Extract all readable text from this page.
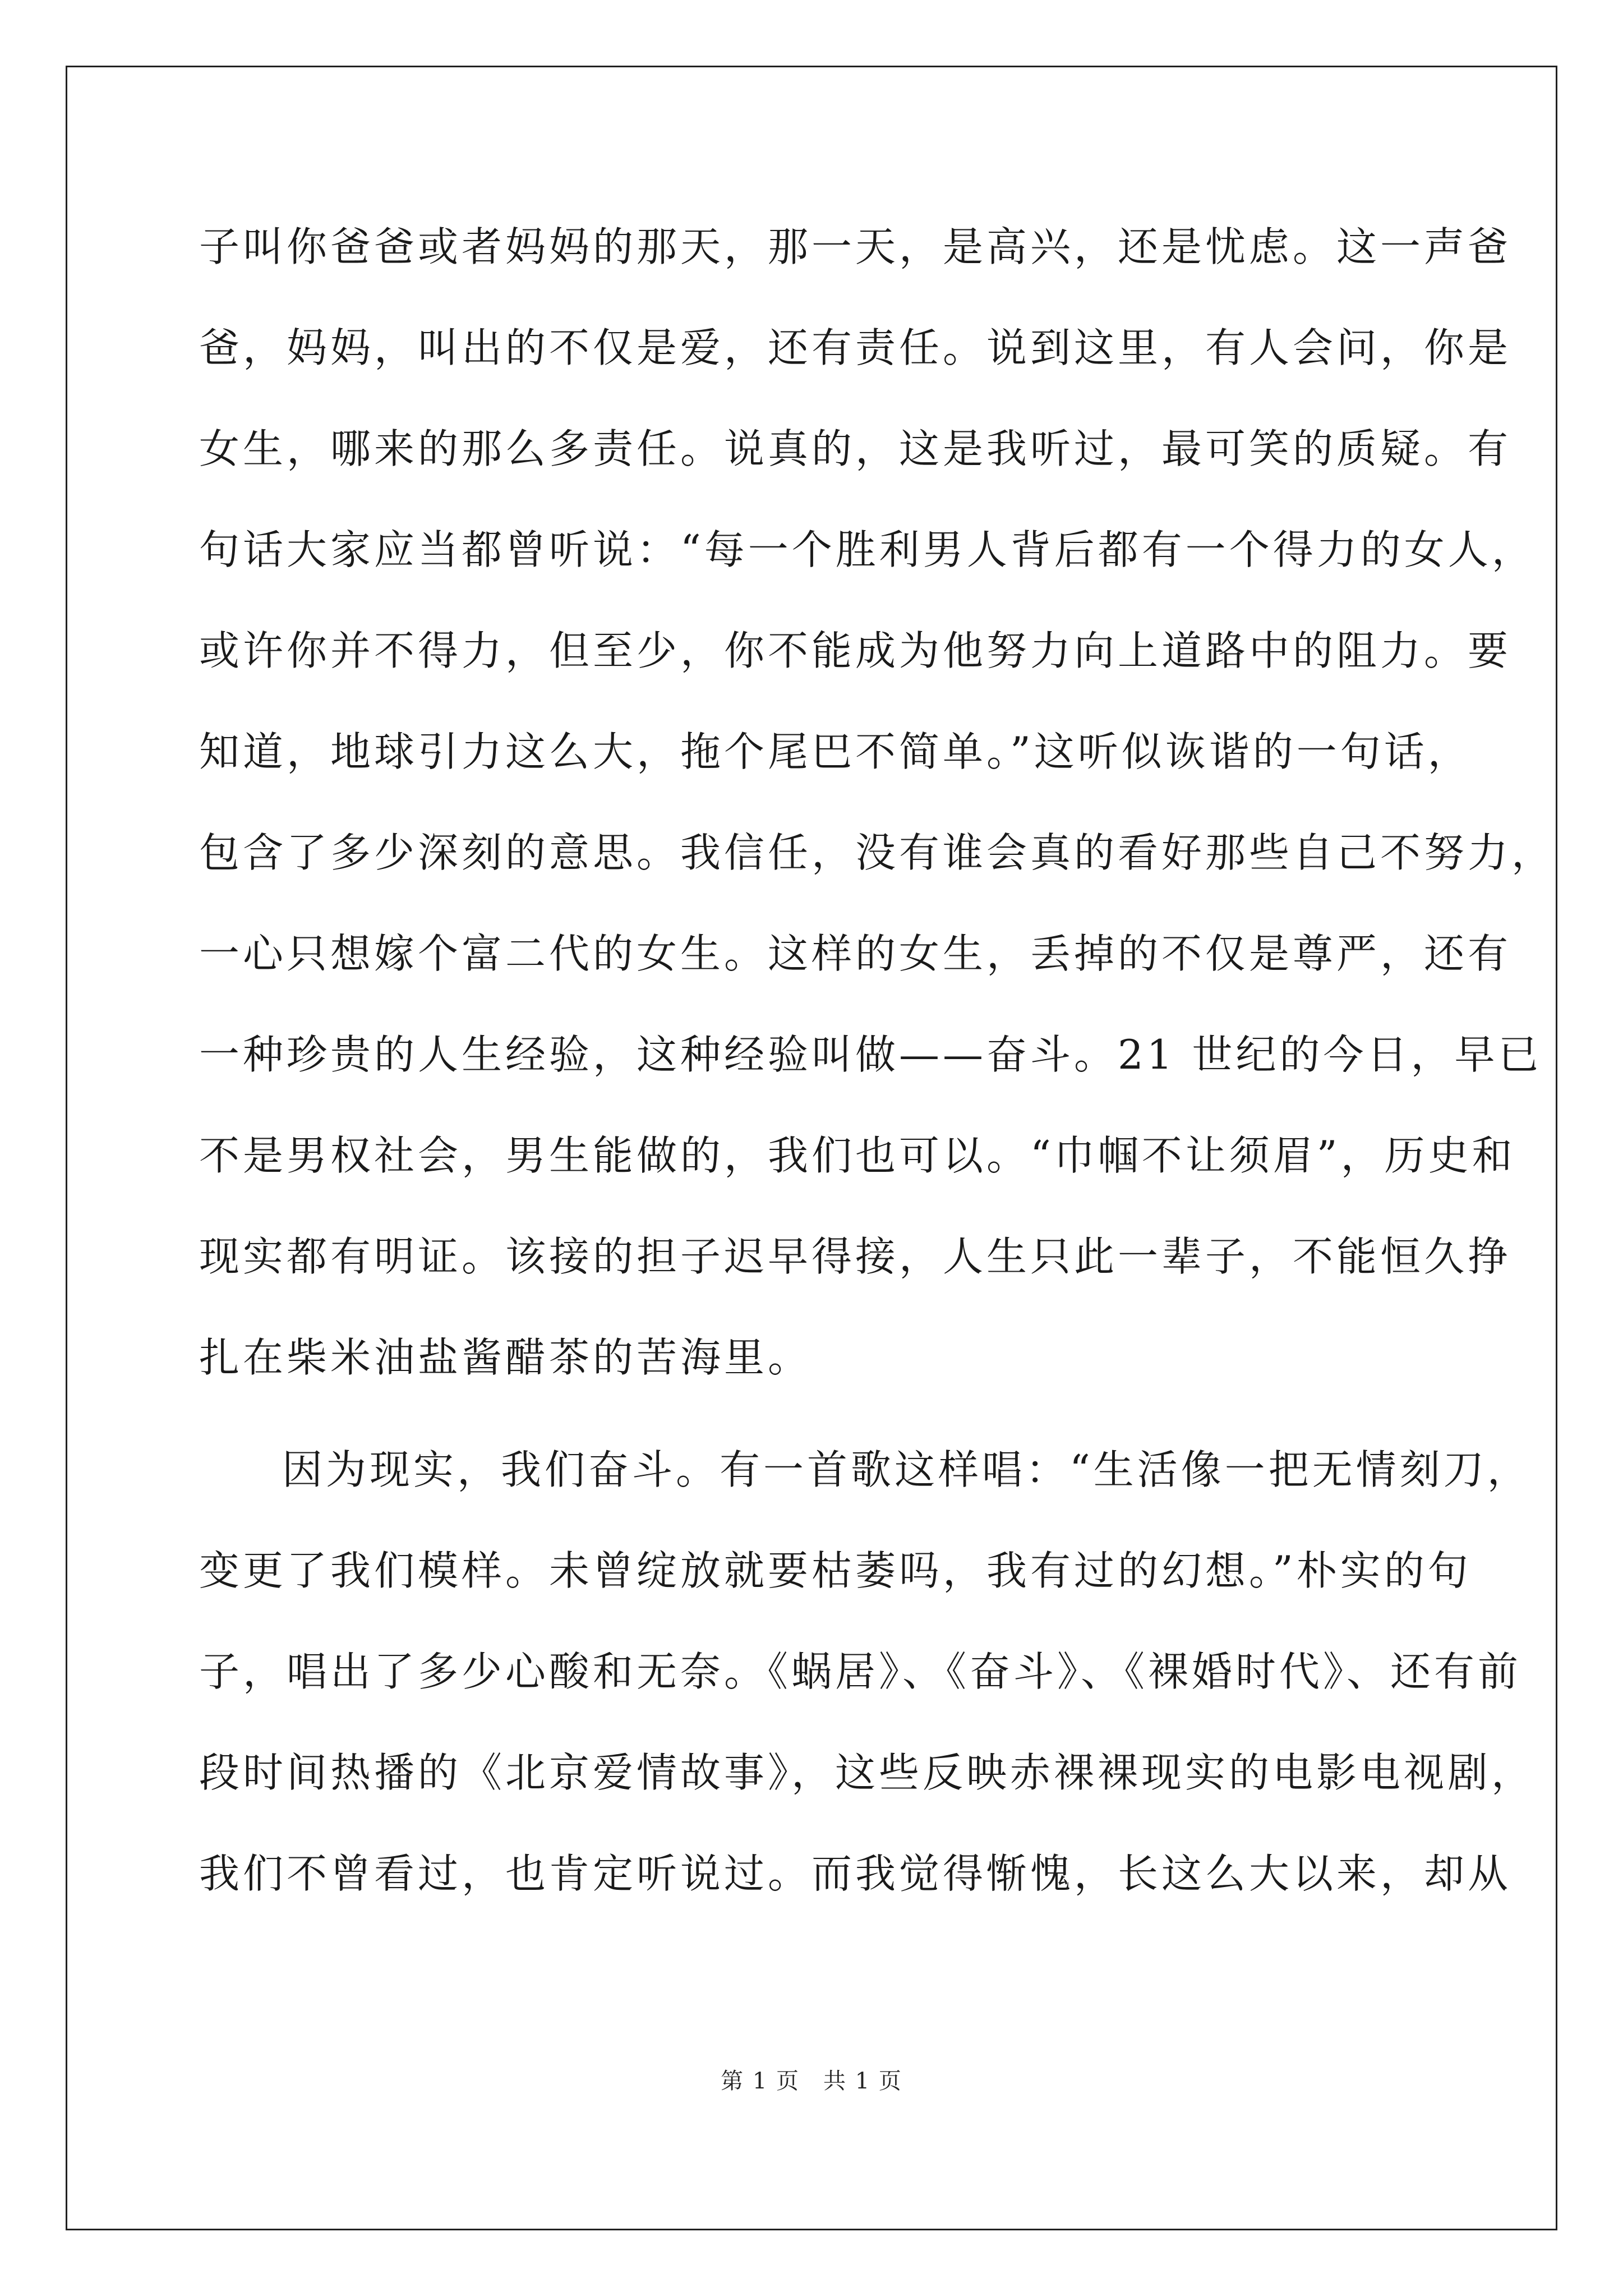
子叫你爸爸或者妈妈的那天，那一天，是高兴，还是忧虑。这一声爸
爸，妈妈，叫出的不仅是爱，还有责任。说到这里，有人会问，你是
女生，哪来的那么多责任。说真的，这是我听过，最可笑的质疑。有
句话大家应当都曾听说：“每一个胜利男人背后都有一个得力的女人，
或许你并不得力，但至少，你不能成为他努力向上道路中的阻力。要
知道，地球引力这么大，拖个尾巴不简单。”这听似诙谐的一句话，
包含了多少深刻的意思。我信任，没有谁会真的看好那些自己不努力，
一心只想嫁个富二代的女生。这样的女生，丢掉的不仅是尊严，还有
一种珍贵的人生经验，这种经验叫做——奋斗。21 世纪的今日，早已
不是男权社会，男生能做的，我们也可以。“巾帼不让须眉”，历史和
现实都有明证。该接的担子迟早得接，人生只此一辈子，不能恒久挣
扎在柴米油盐酱醋茶的苦海里。
因为现实，我们奋斗。有一首歌这样唱：“生活像一把无情刻刀，
变更了我们模样。未曾绽放就要枯萎吗，我有过的幻想。”朴实的句
子，唱出了多少心酸和无奈。《蜗居》、《奋斗》、《裸婚时代》、还有前
段时间热播的《北京爱情故事》，这些反映赤裸裸现实的电影电视剧，
我们不曾看过，也肯定听说过。而我觉得惭愧，长这么大以来，却从
第 1 页　共 1 页
